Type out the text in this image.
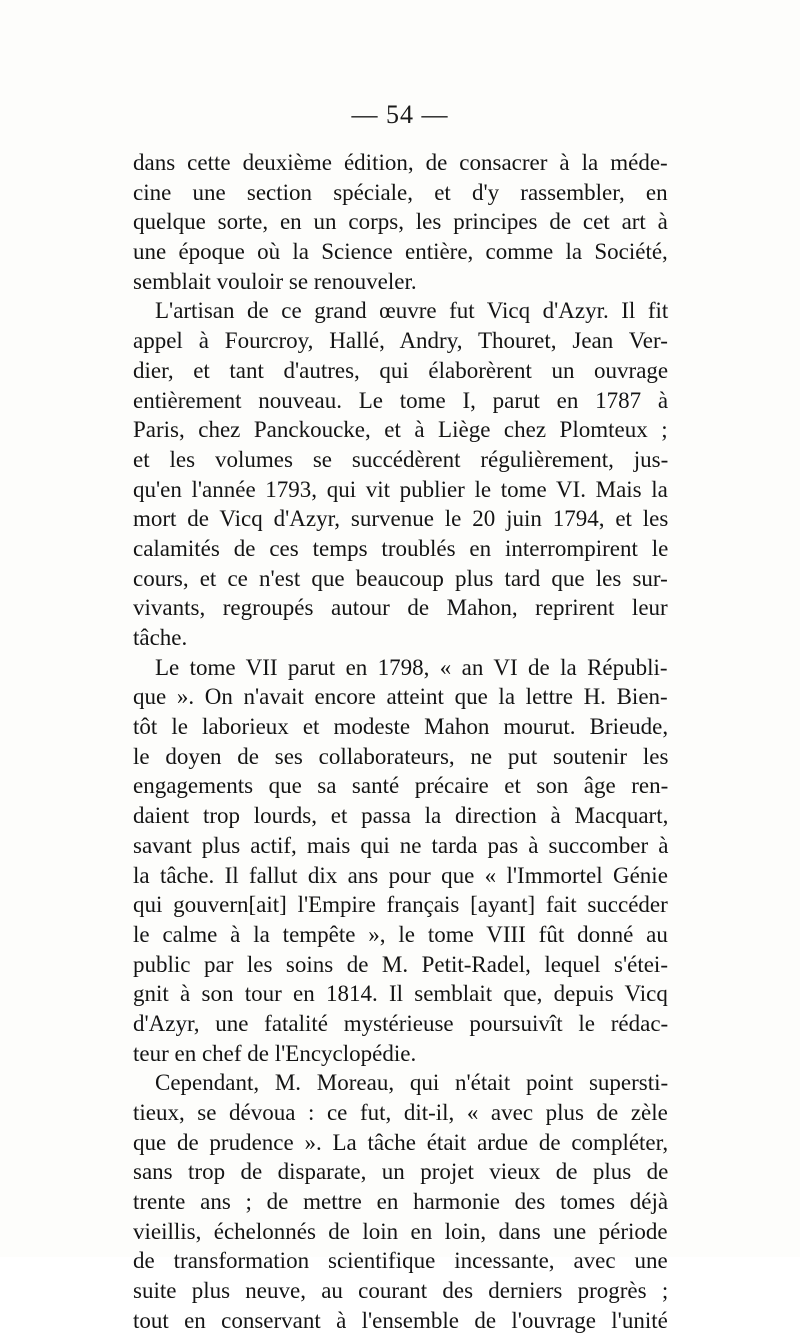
— 54 —
dans cette deuxième édition, de consacrer à la méde-
cine une section spéciale, et d'y rassembler, en
quelque sorte, en un corps, les principes de cet art à
une époque où la Science entière, comme la Société,
semblait vouloir se renouveler.
L'artisan de ce grand œuvre fut Vicq d'Azyr. Il fit
appel à Fourcroy, Hallé, Andry, Thouret, Jean Ver-
dier, et tant d'autres, qui élaborèrent un ouvrage
entièrement nouveau. Le tome I, parut en 1787 à
Paris, chez Panckoucke, et à Liège chez Plomteux ;
et les volumes se succédèrent régulièrement, jus-
qu'en l'année 1793, qui vit publier le tome VI. Mais la
mort de Vicq d'Azyr, survenue le 20 juin 1794, et les
calamités de ces temps troublés en interrompirent le
cours, et ce n'est que beaucoup plus tard que les sur-
vivants, regroupés autour de Mahon, reprirent leur
tâche.
Le tome VII parut en 1798, « an VI de la Républi-
que ». On n'avait encore atteint que la lettre H. Bien-
tôt le laborieux et modeste Mahon mourut. Brieude,
le doyen de ses collaborateurs, ne put soutenir les
engagements que sa santé précaire et son âge ren-
daient trop lourds, et passa la direction à Macquart,
savant plus actif, mais qui ne tarda pas à succomber à
la tâche. Il fallut dix ans pour que « l'Immortel Génie
qui gouvern[ait] l'Empire français [ayant] fait succéder
le calme à la tempête », le tome VIII fût donné au
public par les soins de M. Petit-Radel, lequel s'étei-
gnit à son tour en 1814. Il semblait que, depuis Vicq
d'Azyr, une fatalité mystérieuse poursuivît le rédac-
teur en chef de l'Encyclopédie.
Cependant, M. Moreau, qui n'était point supersti-
tieux, se dévoua : ce fut, dit-il, « avec plus de zèle
que de prudence ». La tâche était ardue de compléter,
sans trop de disparate, un projet vieux de plus de
trente ans ; de mettre en harmonie des tomes déjà
vieillis, échelonnés de loin en loin, dans une période
de transformation scientifique incessante, avec une
suite plus neuve, au courant des derniers progrès ;
tout en conservant à l'ensemble de l'ouvrage l'unité
